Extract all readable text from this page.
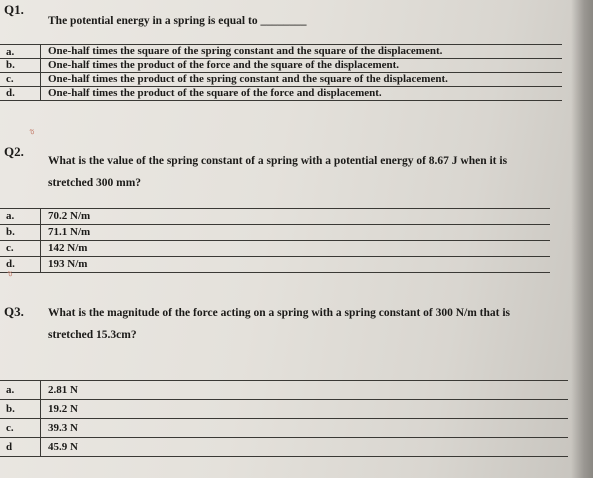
Q1.
The potential energy in a spring is equal to ________
a.	One-half times the square of the spring constant and the square of the displacement.
b.	One-half times the product of the force and the square of the displacement.
c.	One-half times the product of the spring constant and the square of the displacement.
d.	One-half times the product of the square of the force and displacement.
ᐡ̃
Q2.
What is the value of the spring constant of a spring with a potential energy of 8.67 J when it is
stretched 300 mm?
a.	70.2 N/m
b.	71.1 N/m
c.	142 N/m
d.	193 N/m
ᐡ̃
Q3. What is the magnitude of the force acting on a spring with a spring constant of 300 N/m that is
stretched 15.3cm?
a.	2.81 N
b.	19.2 N
c.	39.3 N
d	45.9 N
